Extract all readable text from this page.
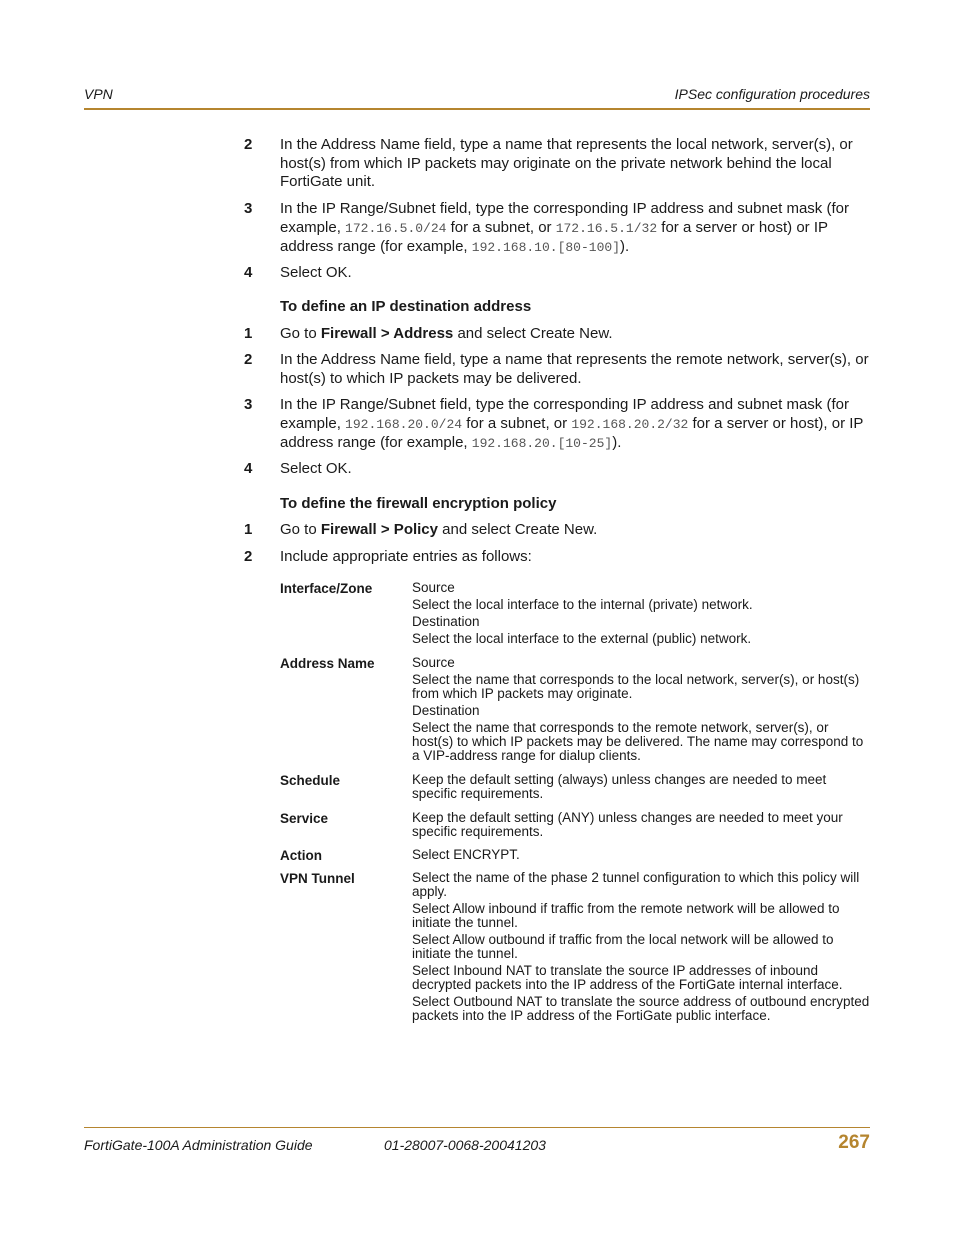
VPN	IPSec configuration procedures
2 In the Address Name field, type a name that represents the local network, server(s), or host(s) from which IP packets may originate on the private network behind the local FortiGate unit.
3 In the IP Range/Subnet field, type the corresponding IP address and subnet mask (for example, 172.16.5.0/24 for a subnet, or 172.16.5.1/32 for a server or host) or IP address range (for example, 192.168.10.[80-100]).
4 Select OK.
To define an IP destination address
1 Go to Firewall > Address and select Create New.
2 In the Address Name field, type a name that represents the remote network, server(s), or host(s) to which IP packets may be delivered.
3 In the IP Range/Subnet field, type the corresponding IP address and subnet mask (for example, 192.168.20.0/24 for a subnet, or 192.168.20.2/32 for a server or host), or IP address range (for example, 192.168.20.[10-25]).
4 Select OK.
To define the firewall encryption policy
1 Go to Firewall > Policy and select Create New.
2 Include appropriate entries as follows:
Interface/Zone	Source

Select the local interface to the internal (private) network.

Destination

Select the local interface to the external (public) network.

Address Name	Source

Select the name that corresponds to the local network, server(s), or host(s) from which IP packets may originate.

Destination

Select the name that corresponds to the remote network, server(s), or host(s) to which IP packets may be delivered. The name may correspond to a VIP-address range for dialup clients.

Schedule	Keep the default setting (always) unless changes are needed to meet specific requirements.

Service	Keep the default setting (ANY) unless changes are needed to meet your specific requirements.

Action	Select ENCRYPT.

VPN Tunnel	Select the name of the phase 2 tunnel configuration to which this policy will apply.

Select Allow inbound if traffic from the remote network will be allowed to initiate the tunnel.

Select Allow outbound if traffic from the local network will be allowed to initiate the tunnel.

Select Inbound NAT to translate the source IP addresses of inbound decrypted packets into the IP address of the FortiGate internal interface.

Select Outbound NAT to translate the source address of outbound encrypted packets into the IP address of the FortiGate public interface.

FortiGate-100A Administration Guide	01-28007-0068-20041203	267
